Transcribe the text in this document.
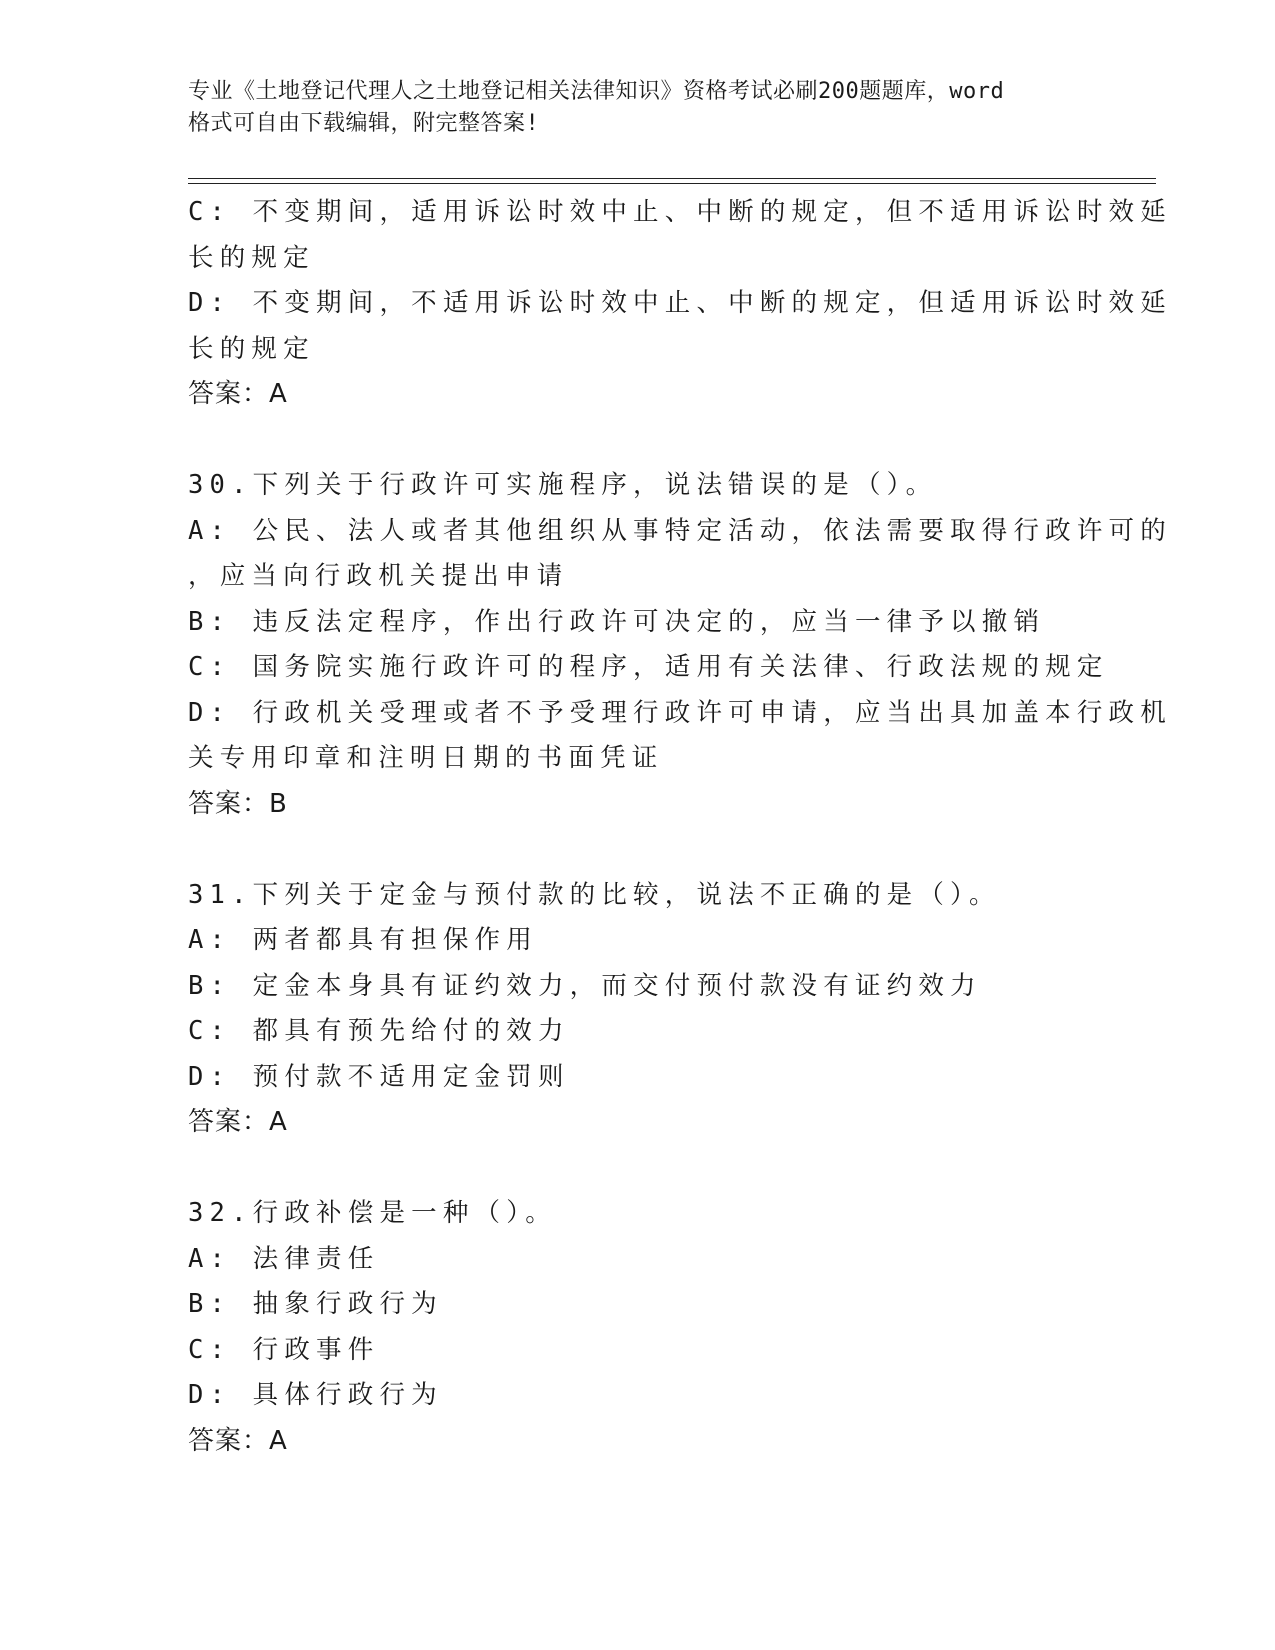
专业《土地登记代理人之土地登记相关法律知识》资格考试必刷200题题库，word
格式可自由下载编辑，附完整答案!
C: 不变期间，适用诉讼时效中止、中断的规定，但不适用诉讼时效延
长的规定
D: 不变期间，不适用诉讼时效中止、中断的规定，但适用诉讼时效延
长的规定
答案：A
30.下列关于行政许可实施程序，说法错误的是（）。
A: 公民、法人或者其他组织从事特定活动，依法需要取得行政许可的
，应当向行政机关提出申请
B: 违反法定程序，作出行政许可决定的，应当一律予以撤销
C: 国务院实施行政许可的程序，适用有关法律、行政法规的规定
D: 行政机关受理或者不予受理行政许可申请，应当出具加盖本行政机
关专用印章和注明日期的书面凭证
答案：B
31.下列关于定金与预付款的比较，说法不正确的是（）。
A: 两者都具有担保作用
B: 定金本身具有证约效力，而交付预付款没有证约效力
C: 都具有预先给付的效力
D: 预付款不适用定金罚则
答案：A
32.行政补偿是一种（）。
A: 法律责任
B: 抽象行政行为
C: 行政事件
D: 具体行政行为
答案：A
